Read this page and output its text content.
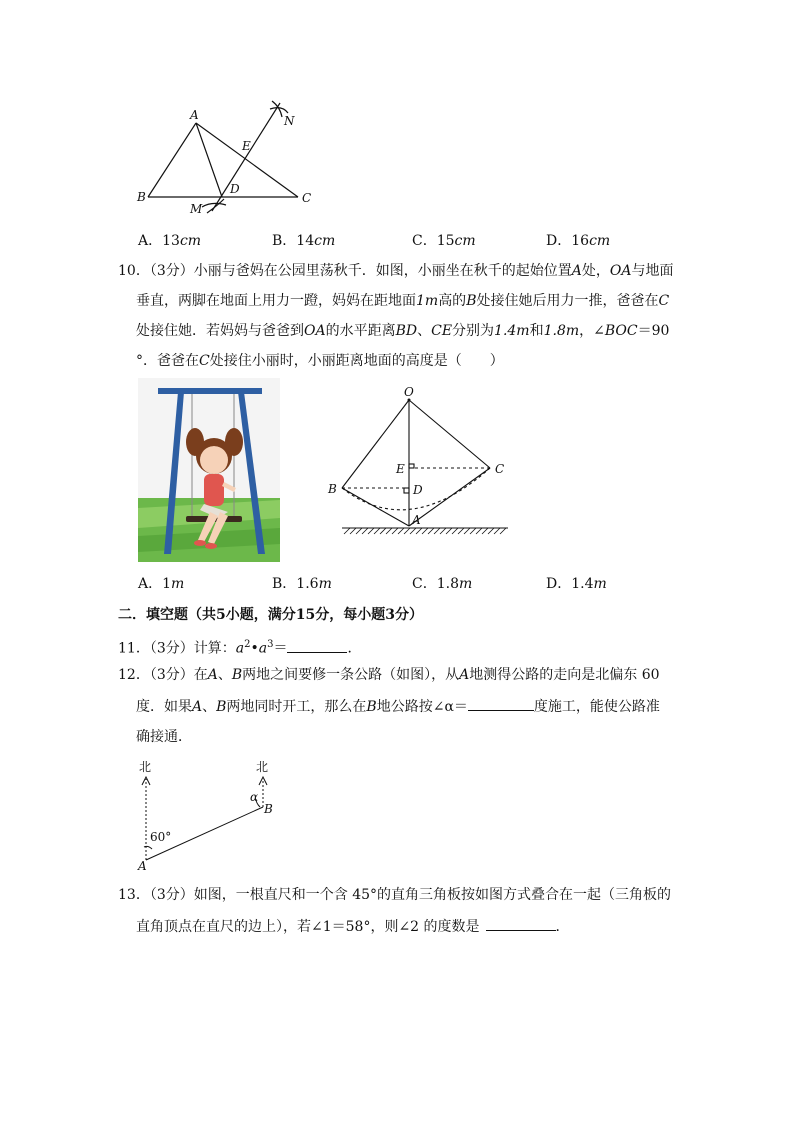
A
B	C
D
E
M
N
A．13cm	B．14cm	C．15cm	D．16cm
10．（3分）小丽与爸妈在公园里荡秋千．如图，小丽坐在秋千的起始位置A处，OA与地面
垂直，两脚在地面上用力一蹬，妈妈在距地面1m高的B处接住她后用力一推，爸爸在C
处接住她．若妈妈与爸爸到OA的水平距离BD、CE分别为1.4m和1.8m，∠BOC＝90
°．爸爸在C处接住小丽时，小丽距离地面的高度是（　　）
O
E	C
B	D
A
A．1m	B．1.6m	C．1.8m	D．1.4m
二．填空题（共5小题，满分15分，每小题3分）
11．（3分）计算：$a^2•a^3=$	．
12．（3分）在A、B两地之间要修一条公路（如图），从A地测得公路的走向是北偏东 60
度．如果A、B两地同时开工，那么在B地公路按∠α＝	度施工，能使公路准
确接通．
北	北
α
B
A
60°
13．（3分）如图，一根直尺和一个含 45°的直角三角板按如图方式叠合在一起（三角板的
直角顶点在直尺的边上），若∠1＝58°，则∠2 的度数是	．
